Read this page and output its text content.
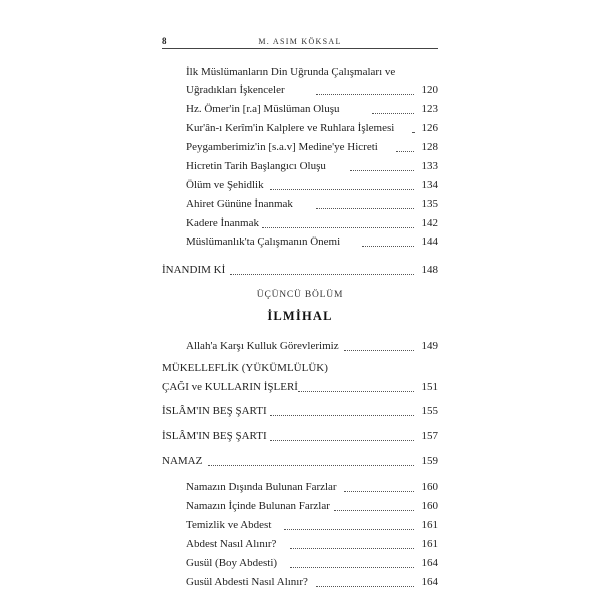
8	M. ASIM KÖKSAL
İlk Müslümanların Din Uğrunda Çalışmaları ve
Uğradıkları İşkenceler	120
Hz. Ömer'in [r.a] Müslüman Oluşu	123
Kur'ân-ı Kerîm'in Kalplere ve Ruhlara İşlemesi 126
Peygamberimiz'in [s.a.v] Medine'ye Hicreti	128
Hicretin Tarih Başlangıcı Oluşu	133
Ölüm ve Şehidlik	134
Ahiret Gününe İnanmak	135
Kadere İnanmak	142
Müslümanlık'ta Çalışmanın Önemi	144
İNANDIM Kİ	148
ÜÇÜNCÜ BÖLÜM
İLMİHAL
Allah'a Karşı Kulluk Görevlerimiz	149
MÜKELLEFLİK (YÜKÜMLÜLÜK)
ÇAĞI ve KULLARIN İŞLERİ	151
İSLÂM'IN BEŞ ŞARTI	155
İSLÂM'IN BEŞ ŞARTI	157
NAMAZ	159
Namazın Dışında Bulunan Farzlar	160
Namazın İçinde Bulunan Farzlar	160
Temizlik ve Abdest	161
Abdest Nasıl Alınır?	161
Gusül (Boy Abdesti)	164
Gusül Abdesti Nasıl Alınır?	164
